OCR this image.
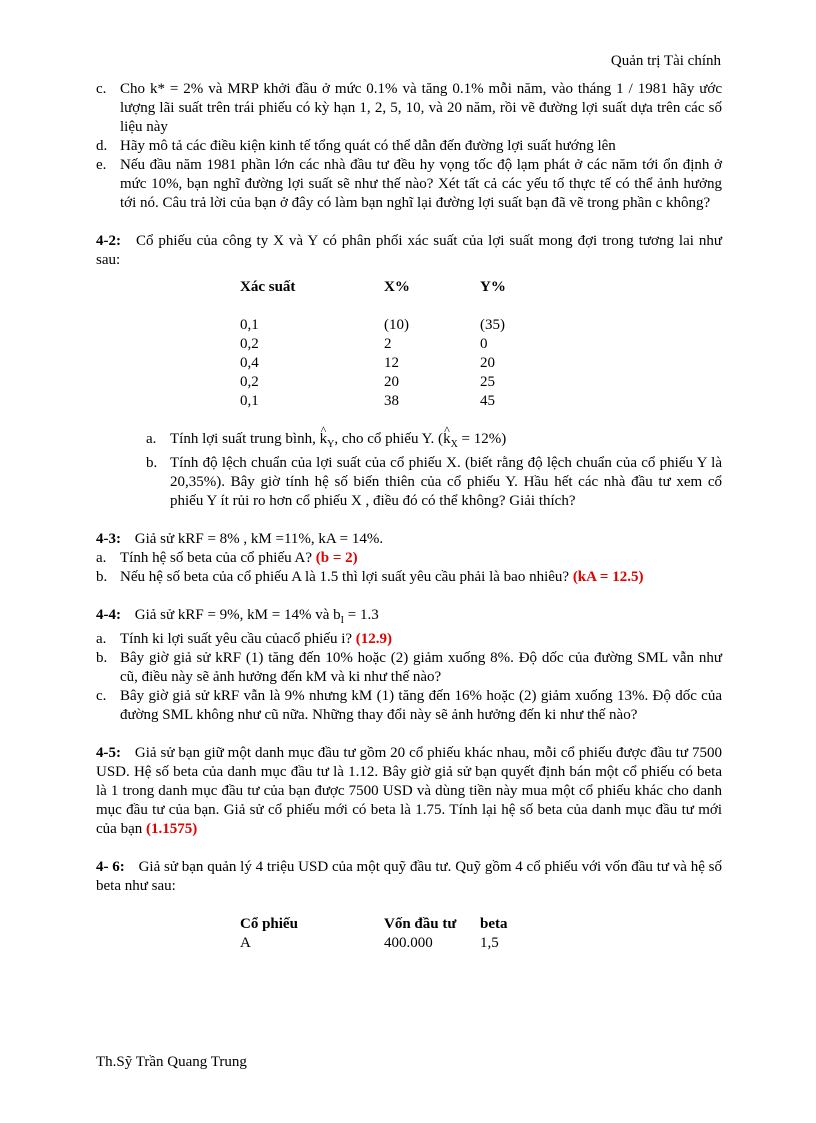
Quản trị Tài chính
c. Cho k* = 2% và MRP khởi đầu ở mức 0.1% và tăng 0.1% mỗi năm, vào tháng 1 / 1981 hãy ước lượng lãi suất trên trái phiếu có kỳ hạn 1, 2, 5, 10, và 20 năm, rồi vẽ đường lợi suất dựa trên các số liệu này
d. Hãy mô tả các điều kiện kinh tế tổng quát có thể dẫn đến đường lợi suất hướng lên
e. Nếu đầu năm 1981 phần lớn các nhà đầu tư đều hy vọng tốc độ lạm phát ở các năm tới ổn định ở mức 10%, bạn nghĩ đường lợi suất sẽ như thế nào? Xét tất cả các yếu tố thực tế có thể ảnh hưởng tới nó. Câu trả lời của bạn ở đây có làm bạn nghĩ lại đường lợi suất bạn đã vẽ trong phần c không?
4-2: Cổ phiếu của công ty X và Y có phân phối xác suất của lợi suất mong đợi trong tương lai như sau:
Xác suất	X%	Y%

0,1	(10)	(35)
0,2	2	0
0,4	12	20
0,2	20	25
0,1	38	45
a. Tính lợi suất trung bình, ^ $k_Y$, cho cổ phiếu Y. (^ $k_X = 12\%$)
b. Tính độ lệch chuẩn của lợi suất của cổ phiếu X. (biết rằng độ lệch chuẩn của cổ phiếu Y là 20,35%). Bây giờ tính hệ số biến thiên của cổ phiếu Y. Hầu hết các nhà đầu tư xem cổ phiếu Y ít rủi ro hơn cổ phiếu X , điều đó có thể không? Giải thích?
4-3: Giả sử kRF = 8% , kM =11%, kA = 14%.
a. Tính hệ số beta của cổ phiếu A? (b = 2)
b. Nếu hệ số beta của cổ phiếu A là 1.5 thì lợi suất yêu cầu phải là bao nhiêu? (kA = 12.5)
4-4: Giả sử kRF = 9%, kM = 14% và $b_I = 1.3$
a. Tính ki lợi suất yêu cầu củacổ phiếu i? (12.9)
b. Bây giờ giả sử kRF (1) tăng đến 10% hoặc (2) giảm xuống 8%. Độ dốc của đường SML vẫn như cũ, điều này sẽ ảnh hưởng đến kM và ki như thế nào?
c. Bây giờ giả sử kRF vẫn là 9% nhưng kM (1) tăng đến 16% hoặc (2) giảm xuống 13%. Độ dốc của đường SML không như cũ nữa. Những thay đổi này sẽ ảnh hưởng đến ki như thế nào?
4-5: Giả sử bạn giữ một danh mục đầu tư gồm 20 cổ phiếu khác nhau, mỗi cổ phiếu được đầu tư 7500 USD. Hệ số beta của danh mục đầu tư là 1.12. Bây giờ giả sử bạn quyết định bán một cổ phiếu có beta là 1 trong danh mục đầu tư của bạn được 7500 USD và dùng tiền này mua một cổ phiếu khác cho danh mục đầu tư của bạn. Giả sử cổ phiếu mới có beta là 1.75. Tính lại hệ số beta của danh mục đầu tư mới của bạn (1.1575)
4- 6: Giả sử bạn quản lý 4 triệu USD của một quỹ đầu tư. Quỹ gồm 4 cổ phiếu với vốn đầu tư và hệ số beta như sau:
Cổ phiếu	Vốn đầu tư	beta
A	400.000	1,5
Th.Sỹ Trần Quang Trung
